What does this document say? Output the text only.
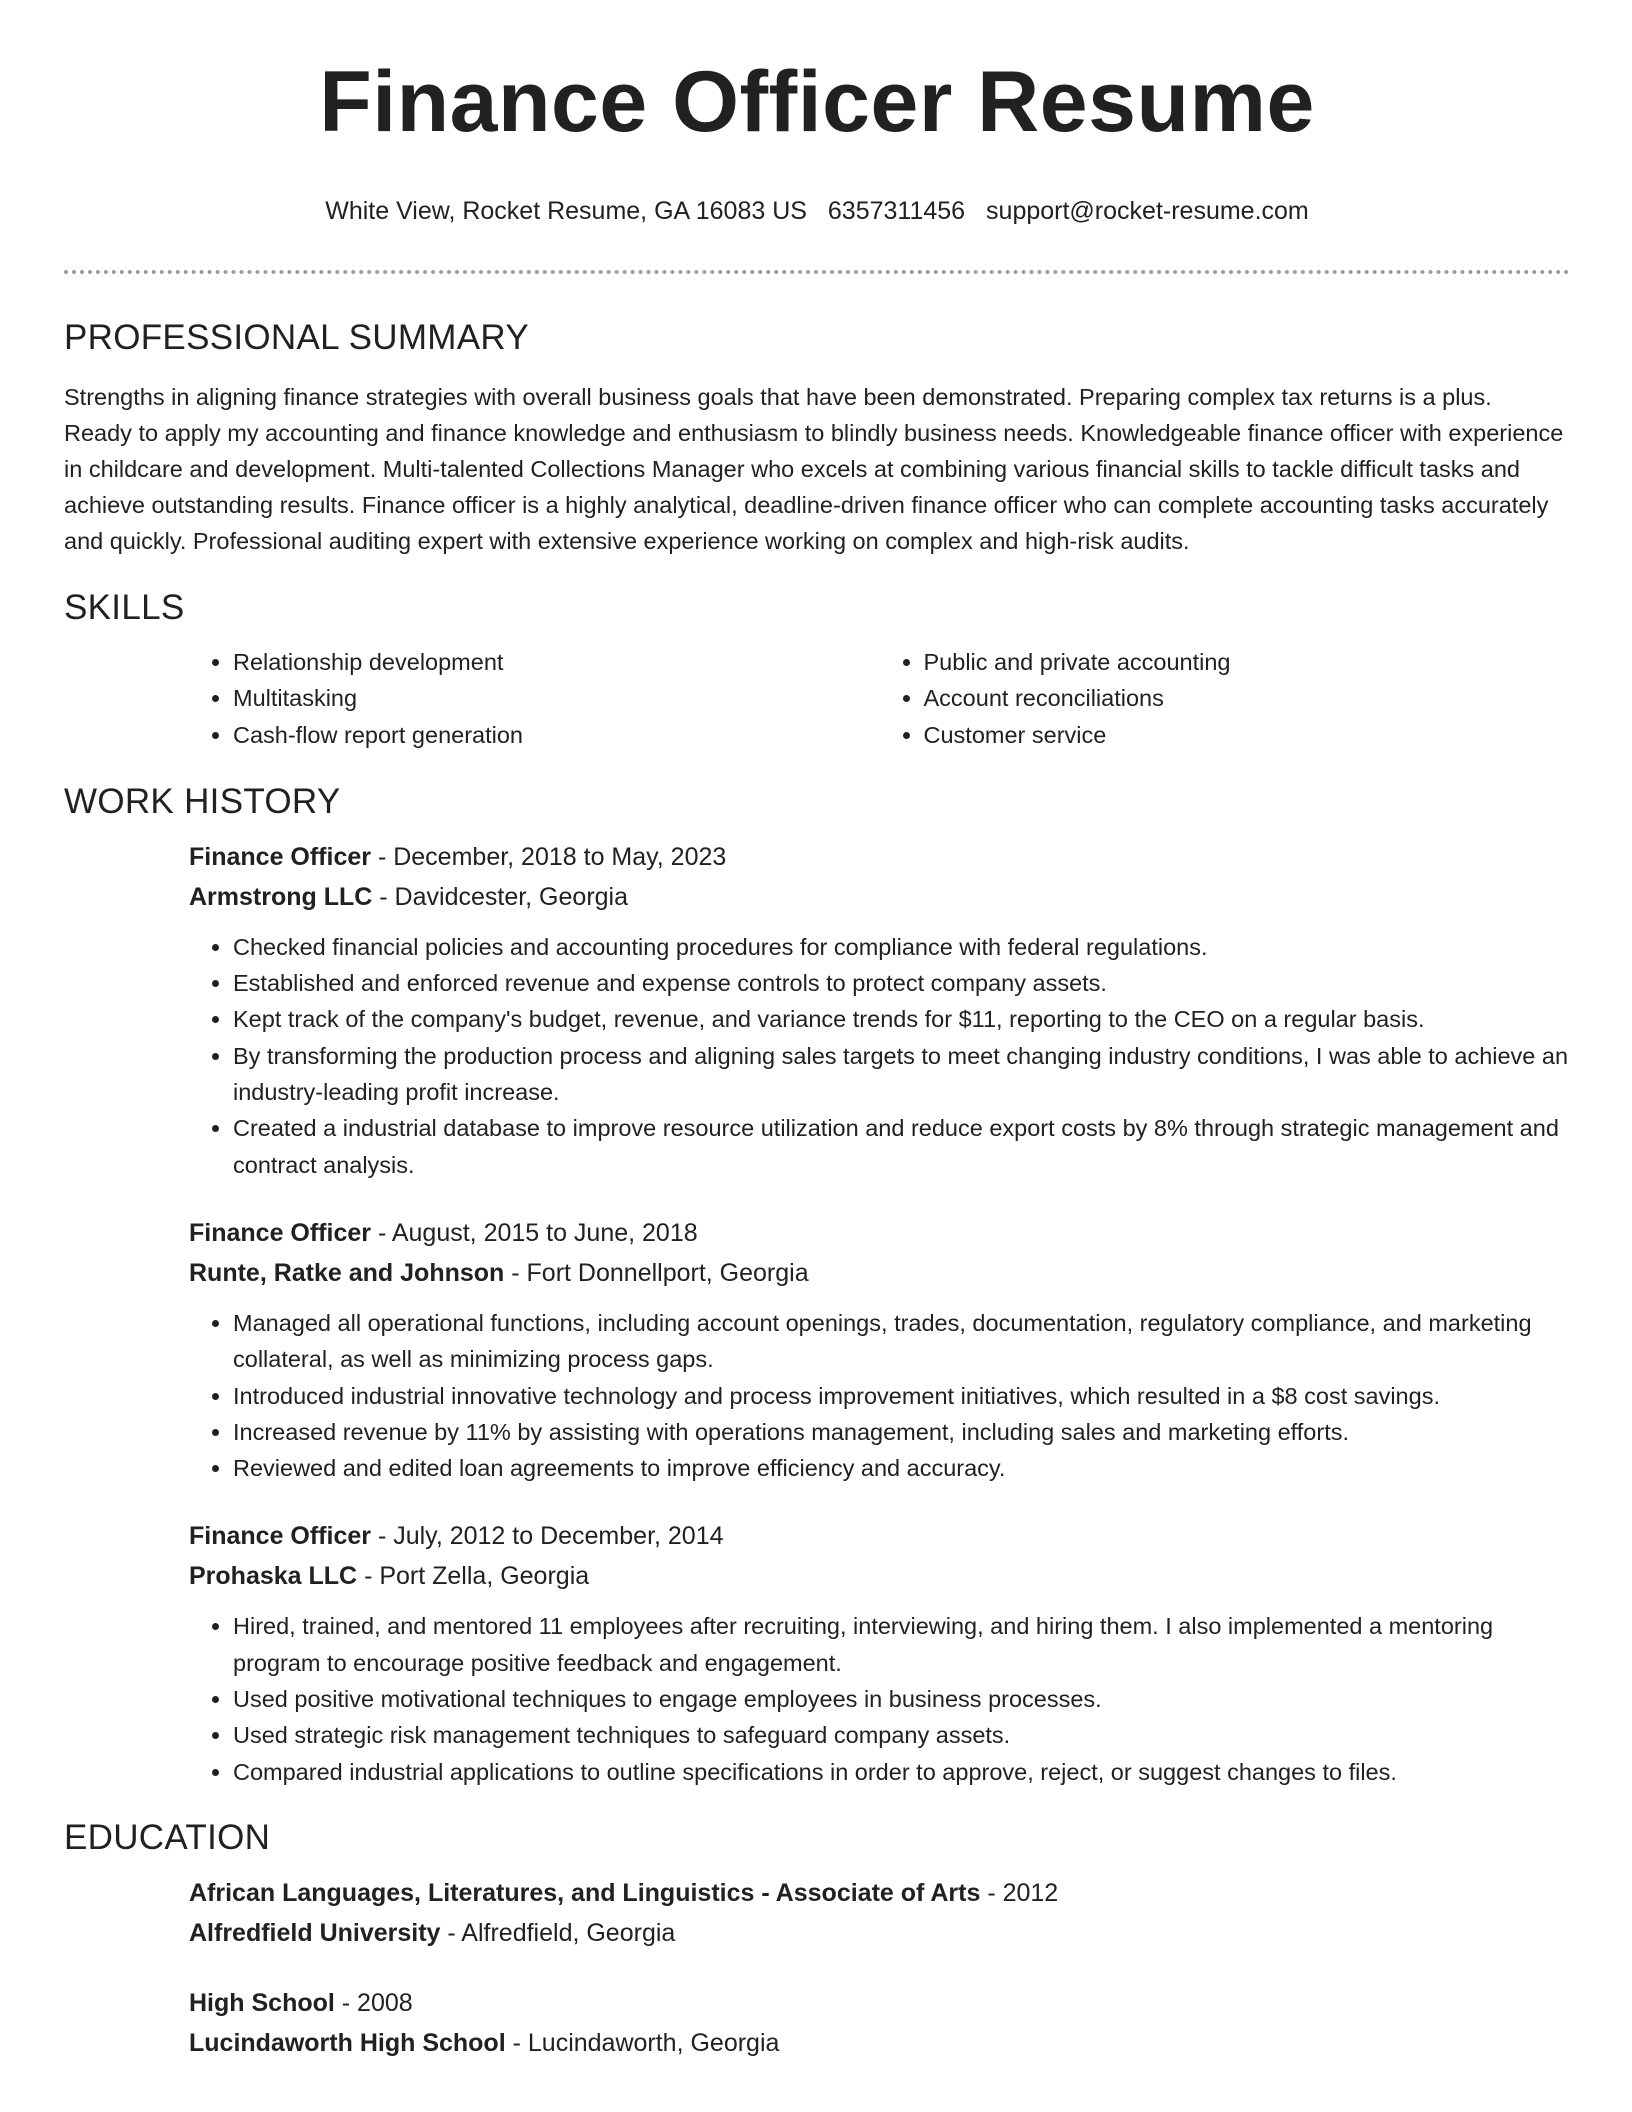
Finance Officer Resume
White View, Rocket Resume, GA 16083 US 6357311456 support@rocket-resume.com
PROFESSIONAL SUMMARY

Strengths in aligning finance strategies with overall business goals that have been demonstrated. Preparing complex tax returns is a plus. Ready to apply my accounting and finance knowledge and enthusiasm to blindly business needs. Knowledgeable finance officer with experience in childcare and development. Multi-talented Collections Manager who excels at combining various financial skills to tackle difficult tasks and achieve outstanding results. Finance officer is a highly analytical, deadline-driven finance officer who can complete accounting tasks accurately and quickly. Professional auditing expert with extensive experience working on complex and high-risk audits.

SKILLS
• Relationship development
• Multitasking
• Cash-flow report generation
• Public and private accounting
• Account reconciliations
• Customer service
WORK HISTORY
Finance Officer - December, 2018 to May, 2023
Armstrong LLC - Davidcester, Georgia
• Checked financial policies and accounting procedures for compliance with federal regulations.
• Established and enforced revenue and expense controls to protect company assets.
• Kept track of the company's budget, revenue, and variance trends for $11, reporting to the CEO on a regular basis.
• By transforming the production process and aligning sales targets to meet changing industry conditions, I was able to achieve an industry-leading profit increase.
• Created a industrial database to improve resource utilization and reduce export costs by 8% through strategic management and contract analysis.
Finance Officer - August, 2015 to June, 2018
Runte, Ratke and Johnson - Fort Donnellport, Georgia
• Managed all operational functions, including account openings, trades, documentation, regulatory compliance, and marketing collateral, as well as minimizing process gaps.
• Introduced industrial innovative technology and process improvement initiatives, which resulted in a $8 cost savings.
• Increased revenue by 11% by assisting with operations management, including sales and marketing efforts.
• Reviewed and edited loan agreements to improve efficiency and accuracy.
Finance Officer - July, 2012 to December, 2014
Prohaska LLC - Port Zella, Georgia
• Hired, trained, and mentored 11 employees after recruiting, interviewing, and hiring them. I also implemented a mentoring program to encourage positive feedback and engagement.
• Used positive motivational techniques to engage employees in business processes.
• Used strategic risk management techniques to safeguard company assets.
• Compared industrial applications to outline specifications in order to approve, reject, or suggest changes to files.
EDUCATION
African Languages, Literatures, and Linguistics - Associate of Arts - 2012
Alfredfield University - Alfredfield, Georgia
High School - 2008
Lucindaworth High School - Lucindaworth, Georgia
